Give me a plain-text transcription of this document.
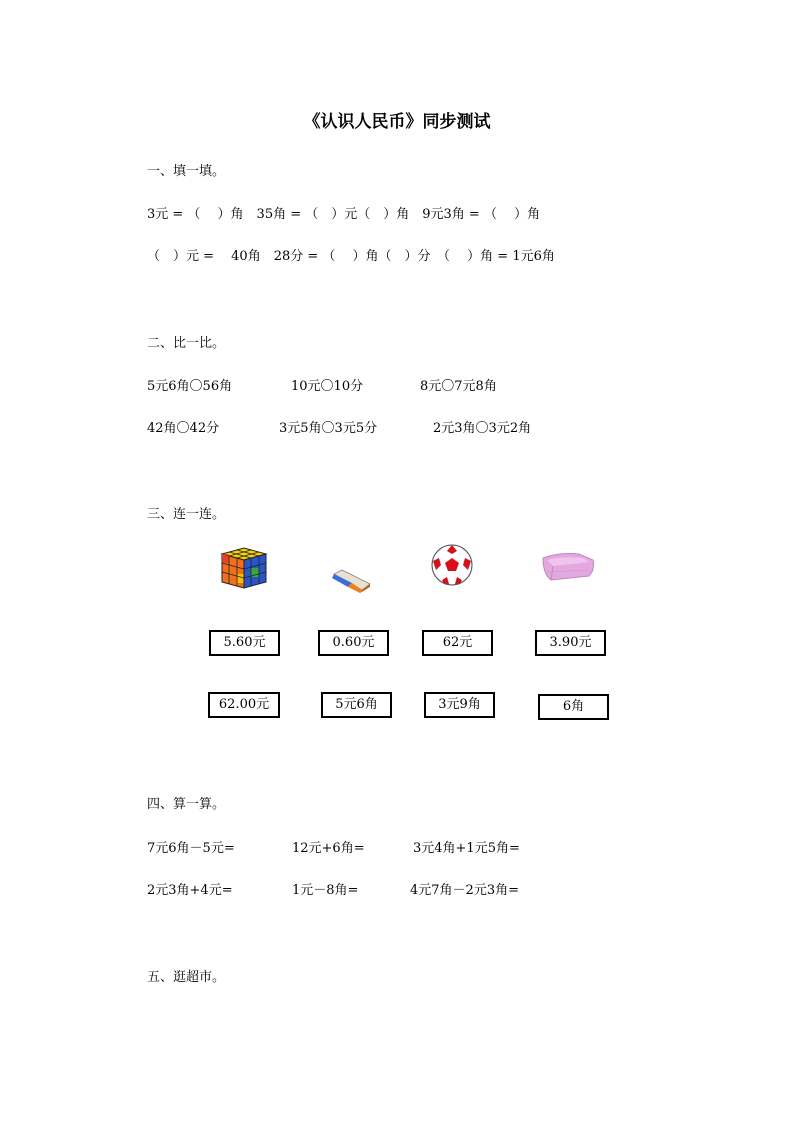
《认识人民币》同步测试
一、填一填。
3元 = （　 ）角　35角 = （　）元（　）角　9元3角 = （　 ）角
（　）元 =　 40角　28分 = （　 ）角（　）分　（　 ）角 = 1元6角
二、比一比。
5元6角〇56角	10元〇10分	8元〇7元8角
42角〇42分	3元5角〇3元5分	2元3角〇3元2角
三、连一连。
5.60元	0.60元	62元	3.90元
62.00元	5元6角	3元9角	6角
四、算一算。
7元6角－5元=	12元+6角=	3元4角+1元5角=
2元3角+4元=	1元－8角=	4元7角－2元3角=
五、逛超市。
